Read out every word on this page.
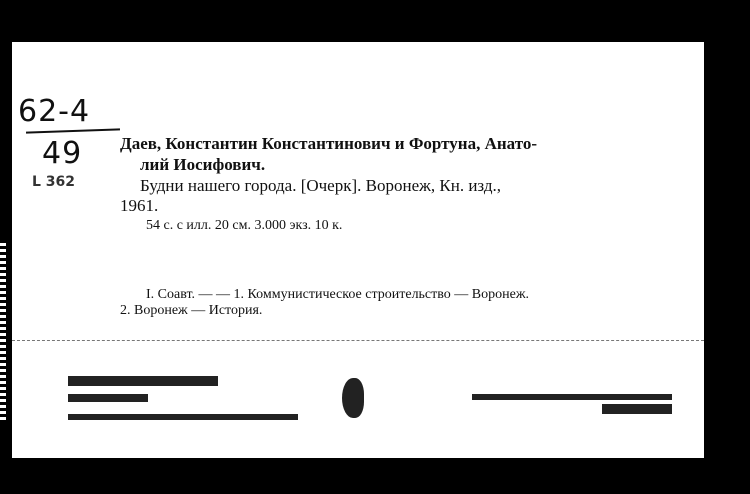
62-4
49
L 362
Даев, Константин Константинович и Фортуна, Анато-
лий Иосифович.
Будни нашего города. [Очерк]. Воронеж, Кн. изд.,
1961.
54 с. с илл. 20 см. 3.000 экз. 10 к.
I. Соавт. — — 1. Коммунистическое строительство — Воронеж.
2. Воронеж — История.
